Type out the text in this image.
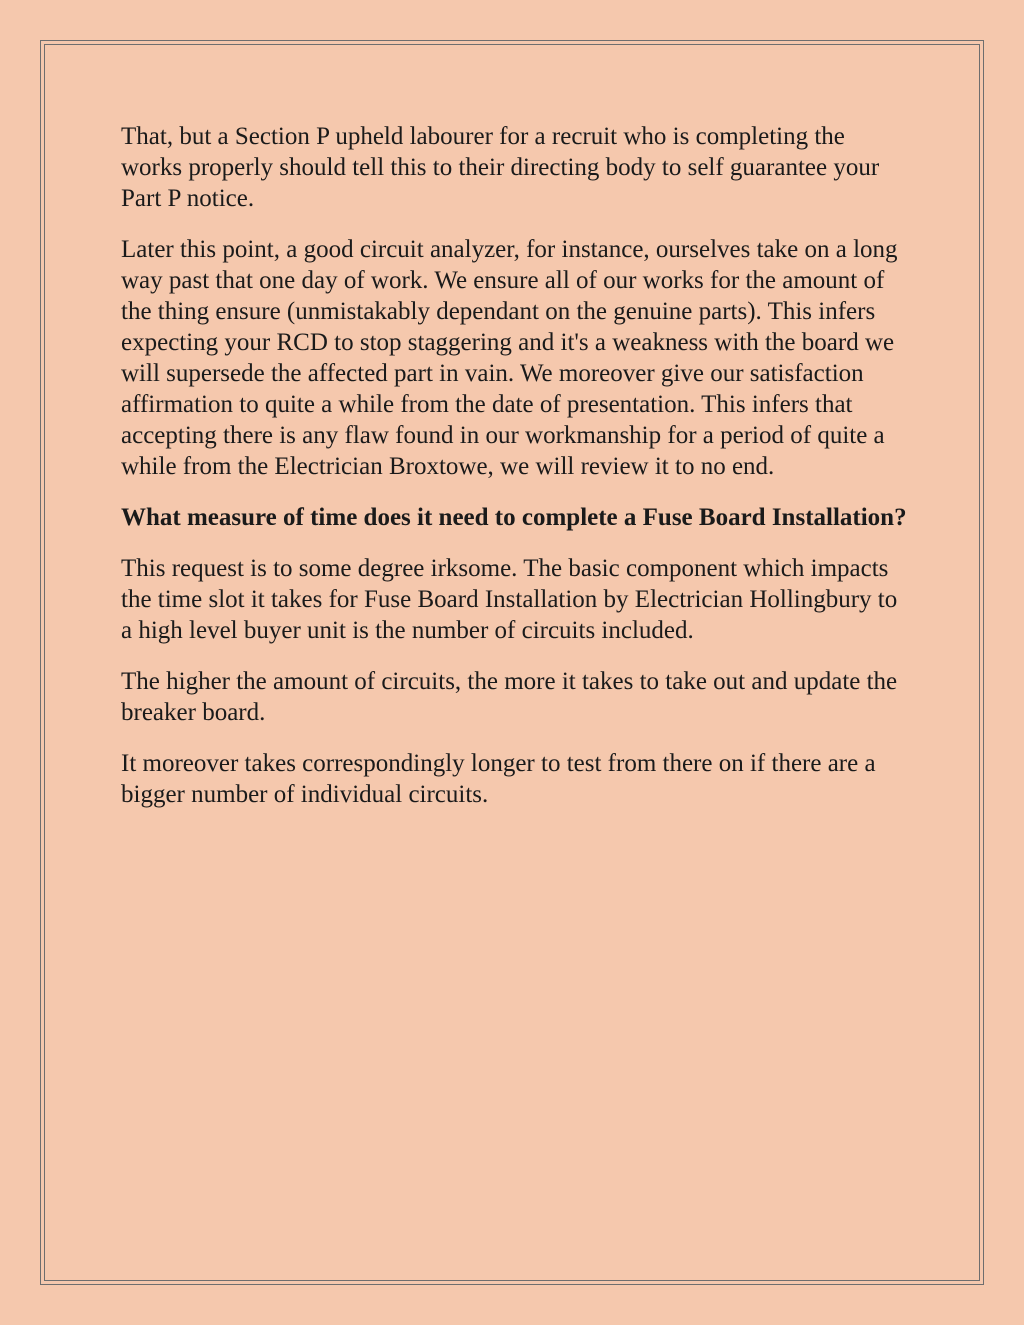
That, but a Section P upheld labourer for a recruit who is completing the works properly should tell this to their directing body to self guarantee your Part P notice.

Later this point, a good circuit analyzer, for instance, ourselves take on a long way past that one day of work. We ensure all of our works for the amount of the thing ensure (unmistakably dependant on the genuine parts). This infers expecting your RCD to stop staggering and it's a weakness with the board we will supersede the affected part in vain. We moreover give our satisfaction affirmation to quite a while from the date of presentation. This infers that accepting there is any flaw found in our workmanship for a period of quite a while from the Electrician Broxtowe, we will review it to no end.

What measure of time does it need to complete a Fuse Board Installation?

This request is to some degree irksome. The basic component which impacts the time slot it takes for Fuse Board Installation by Electrician Hollingbury to a high level buyer unit is the number of circuits included.

The higher the amount of circuits, the more it takes to take out and update the breaker board.

It moreover takes correspondingly longer to test from there on if there are a bigger number of individual circuits.
